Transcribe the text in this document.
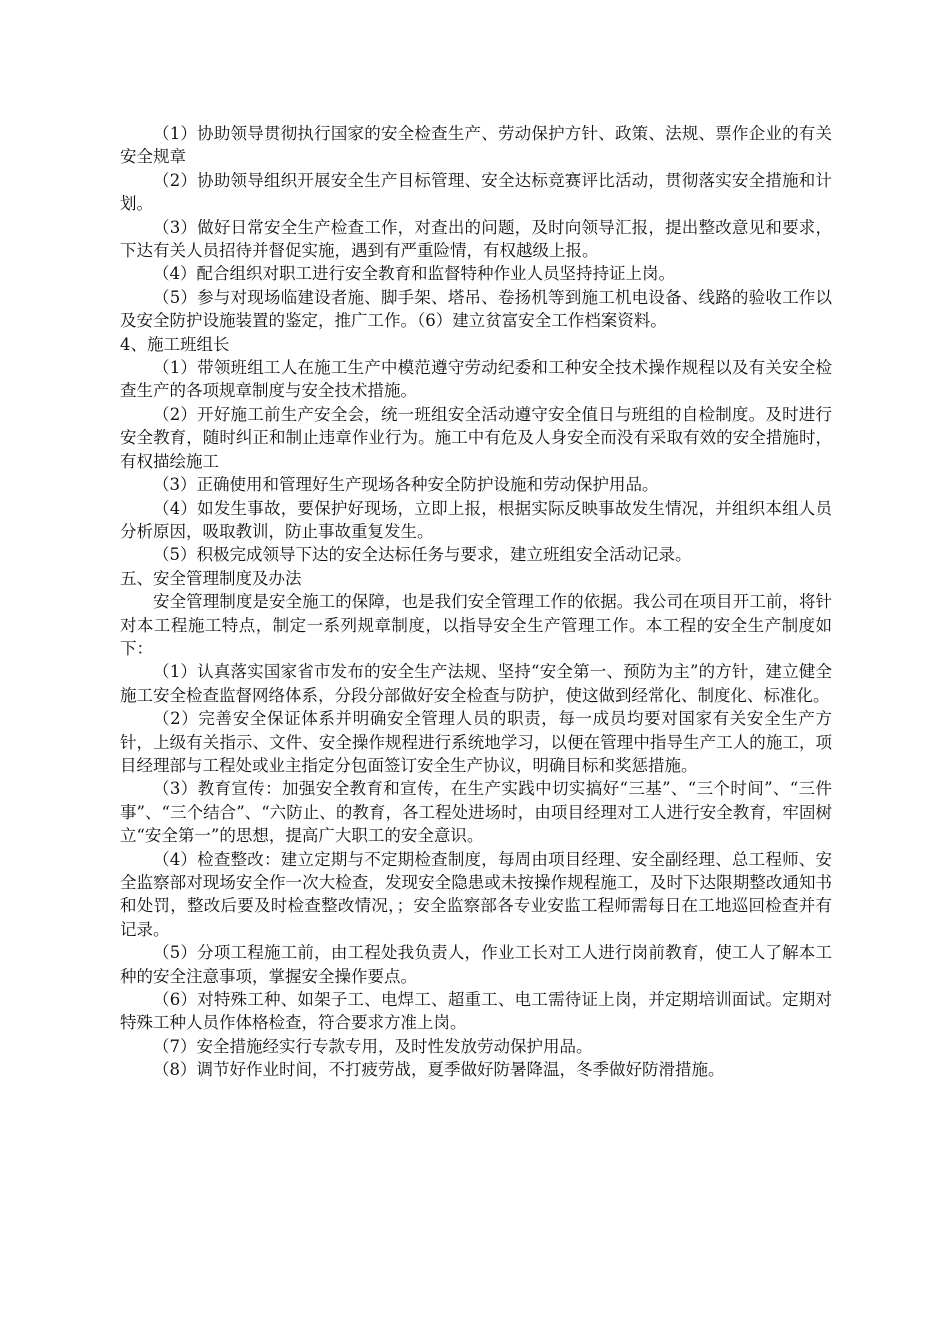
（1）协助领导贯彻执行国家的安全检查生产、劳动保护方针、政策、法规、票作企业的有关安全规章

（2）协助领导组织开展安全生产目标管理、安全达标竞赛评比活动，贯彻落实安全措施和计划。

（3）做好日常安全生产检查工作，对查出的问题，及时向领导汇报，提出整改意见和要求，下达有关人员招待并督促实施，遇到有严重险情，有权越级上报。

（4）配合组织对职工进行安全教育和监督特种作业人员坚持持证上岗。

（5）参与对现场临建设者施、脚手架、塔吊、卷扬机等到施工机电设备、线路的验收工作以及安全防护设施装置的鉴定，推广工作。（6）建立贫富安全工作档案资料。

4、施工班组长

（1）带领班组工人在施工生产中模范遵守劳动纪委和工种安全技术操作规程以及有关安全检查生产的各项规章制度与安全技术措施。

（2）开好施工前生产安全会，统一班组安全活动遵守安全值日与班组的自检制度。及时进行安全教育，随时纠正和制止违章作业行为。施工中有危及人身安全而没有采取有效的安全措施时，有权描绘施工

（3）正确使用和管理好生产现场各种安全防护设施和劳动保护用品。

（4）如发生事故，要保护好现场，立即上报，根据实际反映事故发生情况，并组织本组人员分析原因，吸取教训，防止事故重复发生。

（5）积极完成领导下达的安全达标任务与要求，建立班组安全活动记录。

五、安全管理制度及办法

安全管理制度是安全施工的保障，也是我们安全管理工作的依据。我公司在项目开工前，将针对本工程施工特点，制定一系列规章制度，以指导安全生产管理工作。本工程的安全生产制度如下：

（1）认真落实国家省市发布的安全生产法规、坚持“安全第一、预防为主”的方针，建立健全施工安全检查监督网络体系，分段分部做好安全检查与防护，使这做到经常化、制度化、标准化。

（2）完善安全保证体系并明确安全管理人员的职责，每一成员均要对国家有关安全生产方针，上级有关指示、文件、安全操作规程进行系统地学习，以便在管理中指导生产工人的施工，项目经理部与工程处或业主指定分包面签订安全生产协议，明确目标和奖惩措施。

（3）教育宣传：加强安全教育和宣传，在生产实践中切实搞好“三基”、“三个时间”、“三件事”、“三个结合”、“六防止、的教育，各工程处进场时，由项目经理对工人进行安全教育，牢固树立“安全第一”的思想，提高广大职工的安全意识。

（4）检查整改：建立定期与不定期检查制度，每周由项目经理、安全副经理、总工程师、安全监察部对现场安全作一次大检查，发现安全隐患或未按操作规程施工，及时下达限期整改通知书和处罚，整改后要及时检查整改情况，；安全监察部各专业安监工程师需每日在工地巡回检查并有记录。

（5）分项工程施工前，由工程处我负责人，作业工长对工人进行岗前教育，使工人了解本工种的安全注意事项，掌握安全操作要点。

（6）对特殊工种、如架子工、电焊工、超重工、电工需待证上岗，并定期培训面试。定期对特殊工种人员作体格检查，符合要求方准上岗。

（7）安全措施经实行专款专用，及时性发放劳动保护用品。

（8）调节好作业时间，不打疲劳战，夏季做好防暑降温，冬季做好防滑措施。
